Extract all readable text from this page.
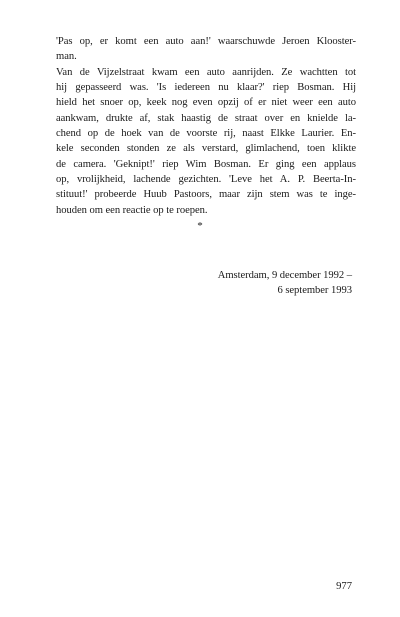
'Pas op, er komt een auto aan!' waarschuwde Jeroen Klooster-
man.
Van de Vijzelstraat kwam een auto aanrijden. Ze wachtten tot
hij gepasseerd was. 'Is iedereen nu klaar?' riep Bosman. Hij
hield het snoer op, keek nog even opzij of er niet weer een auto
aankwam, drukte af, stak haastig de straat over en knielde la-
chend op de hoek van de voorste rij, naast Elkke Laurier. En-
kele seconden stonden ze als verstard, glimlachend, toen klikte
de camera. 'Geknipt!' riep Wim Bosman. Er ging een applaus
op, vrolijkheid, lachende gezichten. 'Leve het A. P. Beerta-In-
stituut!' probeerde Huub Pastoors, maar zijn stem was te inge-
houden om een reactie op te roepen.
*
Amsterdam, 9 december 1992 –
6 september 1993
977
